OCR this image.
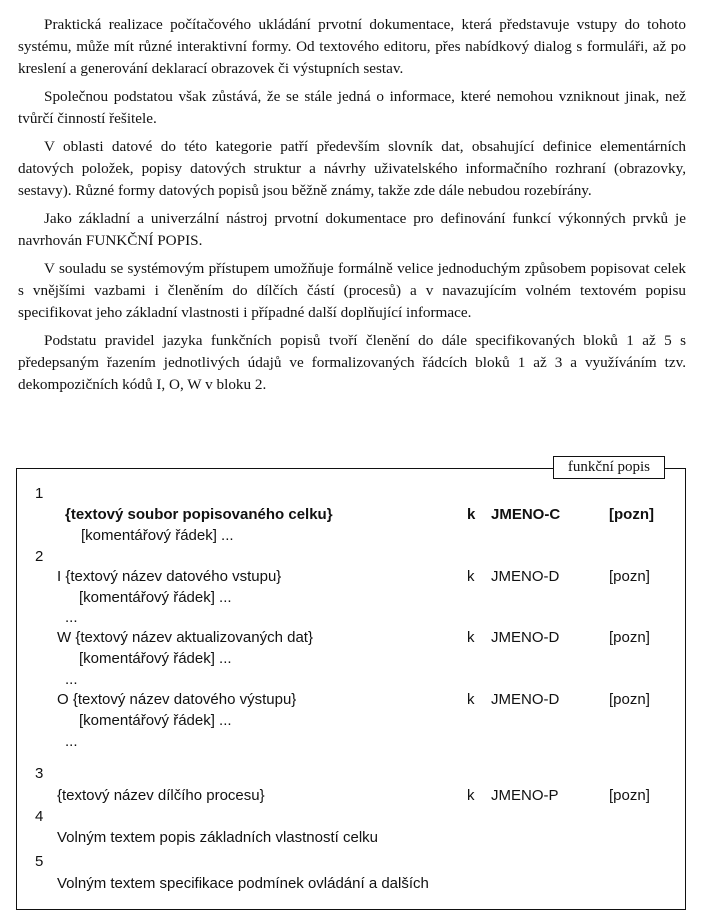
Praktická realizace počítačového ukládání prvotní dokumentace, která představuje vstupy do tohoto systému, může mít různé interaktivní formy. Od textového editoru, přes nabídkový dialog s formuláři, až po kreslení a generování deklarací obrazovek či výstupních sestav.

Společnou podstatou však zůstává, že se stále jedná o informace, které nemohou vzniknout jinak, než tvůrčí činností řešitele.

V oblasti datové do této kategorie patří především slovník dat, obsahující definice elementárních datových položek, popisy datových struktur a návrhy uživatelského informačního rozhraní (obrazovky, sestavy). Různé formy datových popisů jsou běžně známy, takže zde dále nebudou rozebírány.

Jako základní a univerzální nástroj prvotní dokumentace pro definování funkcí výkonných prvků je navrhován FUNKČNÍ POPIS.

V souladu se systémovým přístupem umožňuje formálně velice jednoduchým způsobem popisovat celek s vnějšími vazbami i členěním do dílčích částí (procesů) a v navazujícím volném textovém popisu specifikovat jeho základní vlastnosti i případné další doplňující informace.

Podstatu pravidel jazyka funkčních popisů tvoří členění do dále specifikovaných bloků 1 až 5 s předepsaným řazením jednotlivých údajů ve formalizovaných řádcích bloků 1 až 3 a využíváním tzv. dekompozičních kódů I, O, W v bloku 2.

funkční popis
1
{textový soubor popisovaného celku}	k JMENO-C	[pozn]
[komentářový řádek] ...
2
I {textový název datového vstupu}	k JMENO-D	[pozn]
[komentářový řádek] ...
...
W {textový název aktualizovaných dat}	k JMENO-D	[pozn]
[komentářový řádek] ...
...
O {textový název datového výstupu}	k JMENO-D	[pozn]
[komentářový řádek] ...
...
3
{textový název dílčího procesu}	k JMENO-P	[pozn]
4
Volným textem popis základních vlastností celku
5
Volným textem specifikace podmínek ovládání a dalších
